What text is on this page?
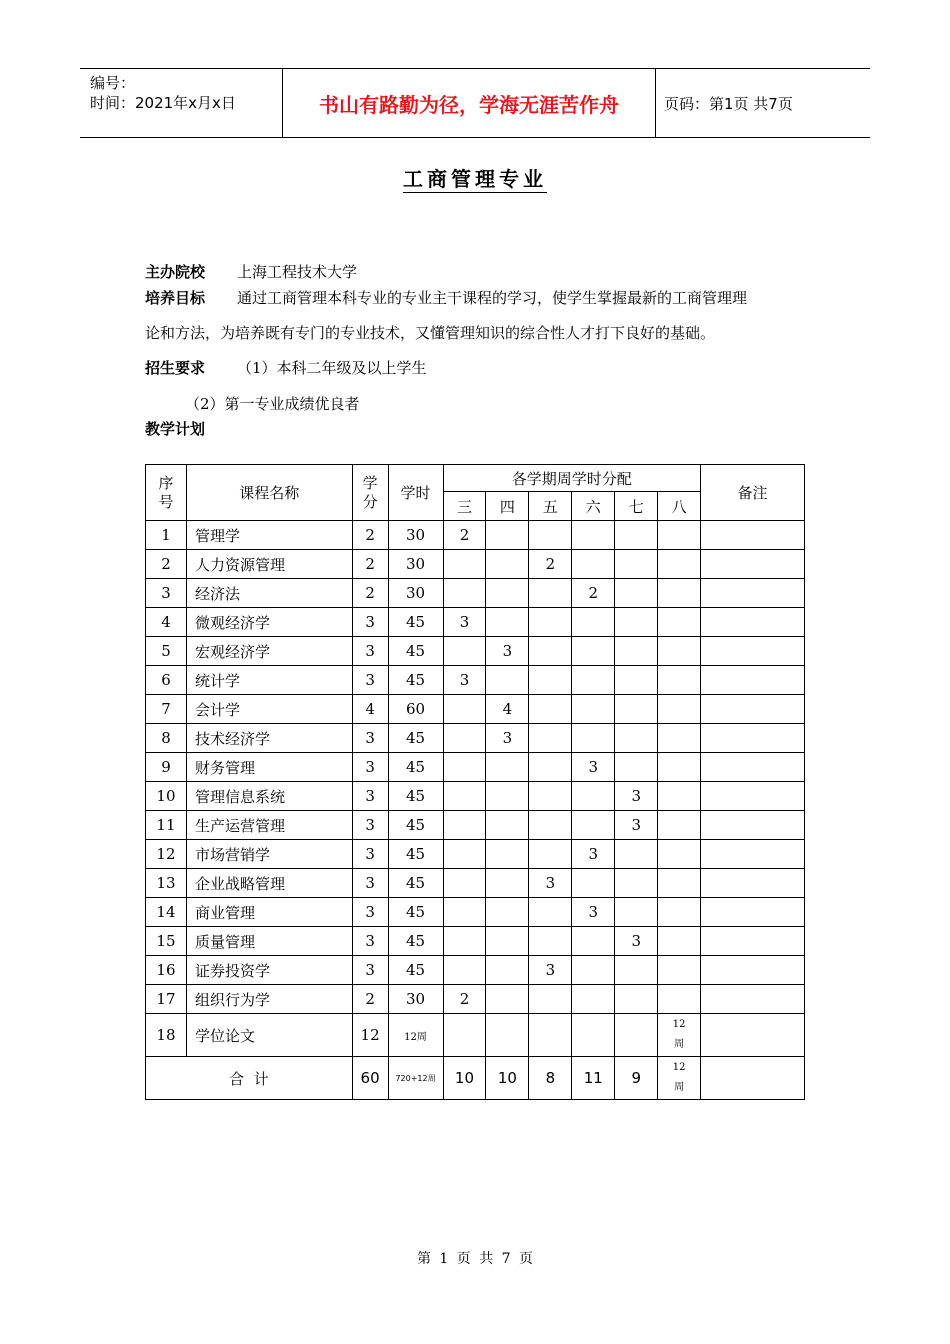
编号：
时间：2021年x月x日	书山有路勤为径，学海无涯苦作舟	页码：第1页 共7页
工商管理专业
主办院校 上海工程技术大学
培养目标 通过工商管理本科专业的专业主干课程的学习，使学生掌握最新的工商管理理
论和方法，为培养既有专门的专业技术，又懂管理知识的综合性人才打下良好的基础。
招生要求 （1）本科二年级及以上学生
（2）第一专业成绩优良者
教学计划
序号	课程名称	学分	学时	各学期周学时分配						备注
				三	四	五	六	七	八	
1	管理学	2	30	2						
2	人力资源管理	2	30			2				
3	经济法	2	30				2			
4	微观经济学	3	45	3						
5	宏观经济学	3	45		3					
6	统计学	3	45	3						
7	会计学	4	60		4					
8	技术经济学	3	45		3					
9	财务管理	3	45				3			
10	管理信息系统	3	45					3		
11	生产运营管理	3	45					3		
12	市场营销学	3	45				3			
13	企业战略管理	3	45			3				
14	商业管理	3	45				3			
15	质量管理	3	45					3		
16	证券投资学	3	45			3				
17	组织行为学	2	30	2						
18	学位论文	12	12周						12
周	

合  计		60	720+12周	10	10	8	11	9	12
周	

第 1 页 共 7 页
